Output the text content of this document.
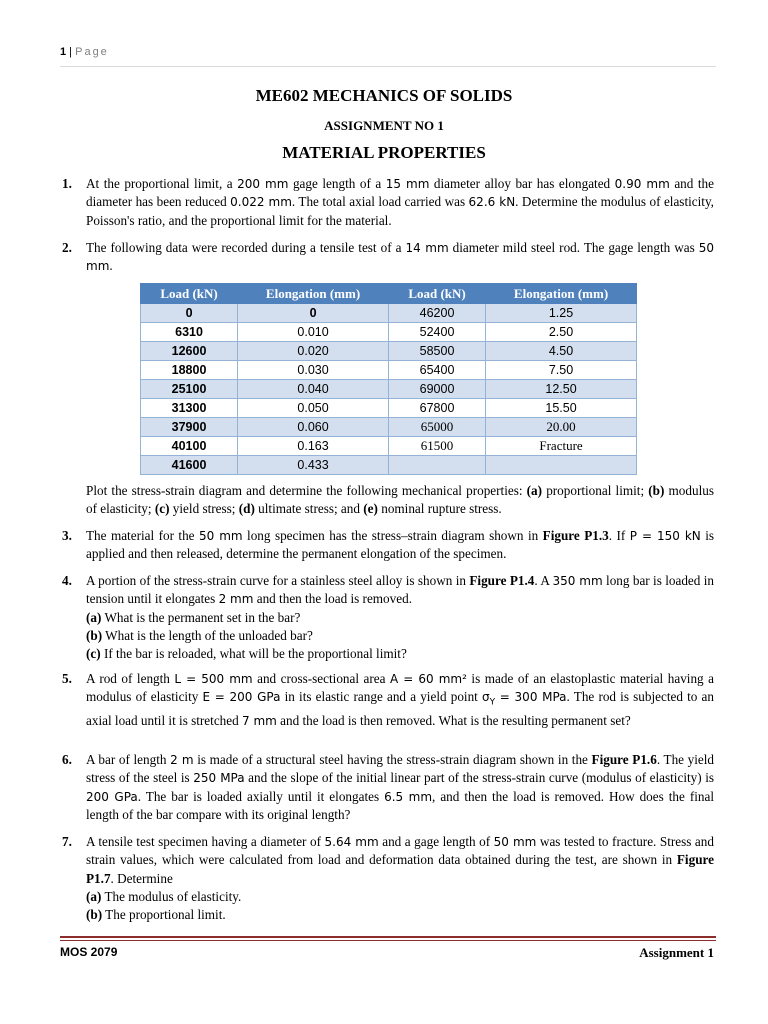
1 | Page
ME602 MECHANICS OF SOLIDS
ASSIGNMENT NO 1
MATERIAL PROPERTIES
1. At the proportional limit, a 200 mm gage length of a 15 mm diameter alloy bar has elongated 0.90 mm and the diameter has been reduced 0.022 mm. The total axial load carried was 62.6 kN. Determine the modulus of elasticity, Poisson's ratio, and the proportional limit for the material.
2. The following data were recorded during a tensile test of a 14 mm diameter mild steel rod. The gage length was 50 mm.
Load (kN)	Elongation (mm)	Load (kN)	Elongation (mm)
0	0	46200	1.25
6310	0.010	52400	2.50
12600	0.020	58500	4.50
18800	0.030	65400	7.50
25100	0.040	69000	12.50
31300	0.050	67800	15.50
37900	0.060	65000	20.00
40100	0.163	61500	Fracture
41600	0.433		
Plot the stress-strain diagram and determine the following mechanical properties: (a) proportional limit; (b) modulus of elasticity; (c) yield stress; (d) ultimate stress; and (e) nominal rupture stress.
3. The material for the 50 mm long specimen has the stress–strain diagram shown in Figure P1.3. If P = 150 kN is applied and then released, determine the permanent elongation of the specimen.
4. A portion of the stress-strain curve for a stainless steel alloy is shown in Figure P1.4. A 350 mm long bar is loaded in tension until it elongates 2 mm and then the load is removed.
(a) What is the permanent set in the bar?
(b) What is the length of the unloaded bar?
(c) If the bar is reloaded, what will be the proportional limit?
5. A rod of length L = 500 mm and cross-sectional area A = 60 mm² is made of an elastoplastic material having a modulus of elasticity E = 200 GPa in its elastic range and a yield point $\sigma_Y = 300$ MPa. The rod is subjected to an axial load until it is stretched 7 mm and the load is then removed. What is the resulting permanent set?
6. A bar of length 2 m is made of a structural steel having the stress-strain diagram shown in the Figure P1.6. The yield stress of the steel is 250 MPa and the slope of the initial linear part of the stress-strain curve (modulus of elasticity) is 200 GPa. The bar is loaded axially until it elongates 6.5 mm, and then the load is removed. How does the final length of the bar compare with its original length?
7. A tensile test specimen having a diameter of 5.64 mm and a gage length of 50 mm was tested to fracture. Stress and strain values, which were calculated from load and deformation data obtained during the test, are shown in Figure P1.7. Determine
(a) The modulus of elasticity.
(b) The proportional limit.
MOS 2079	Assignment 1
